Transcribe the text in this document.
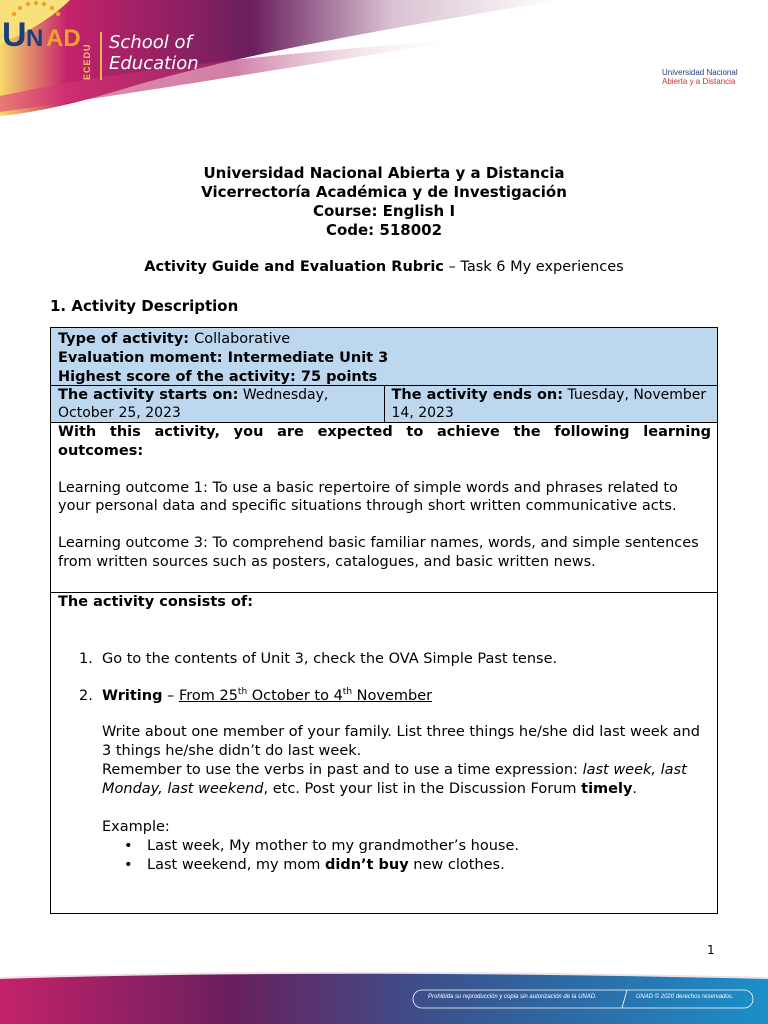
ECEDU
School of
Education
U N AD
Universidad Nacional
Abierta y a Distancia
Universidad Nacional Abierta y a Distancia
Vicerrectoría Académica y de Investigación
Course: English I
Code: 518002
Activity Guide and Evaluation Rubric – Task 6 My experiences
1. Activity Description
Type of activity: Collaborative
Evaluation moment: Intermediate Unit 3
Highest score of the activity: 75 points
The activity starts on: Wednesday, October 25, 2023
The activity ends on: Tuesday, November 14, 2023

With this activity, you are expected to achieve the following learning outcomes:

Learning outcome 1: To use a basic repertoire of simple words and phrases related to your personal data and specific situations through short written communicative acts.

Learning outcome 3: To comprehend basic familiar names, words, and simple sentences from written sources such as posters, catalogues, and basic written news.

The activity consists of:
1. Go to the contents of Unit 3, check the OVA Simple Past tense.
2. Writing – From 25th October to 4th November
Write about one member of your family. List three things he/she did last week and 3 things he/she didn’t do last week.
Remember to use the verbs in past and to use a time expression: last week, last Monday, last weekend, etc. Post your list in the Discussion Forum timely.
Example:
• Last week, My mother to my grandmother’s house.
• Last weekend, my mom didn’t buy new clothes.
1
Prohibida su reproducción y copia sin autorización de la UNAD.	UNAD © 2020 derechos reservados.
